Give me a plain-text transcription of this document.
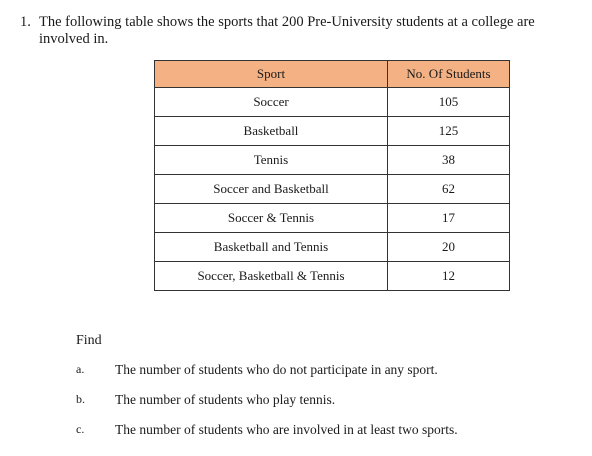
1. The following table shows the sports that 200 Pre-University students at a college are involved in.
Sport	No. Of Students
Soccer	105
Basketball	125
Tennis	38
Soccer and Basketball	62
Soccer & Tennis	17
Basketball and Tennis	20
Soccer, Basketball & Tennis	12
Find
a. The number of students who do not participate in any sport.
b. The number of students who play tennis.
c. The number of students who are involved in at least two sports.
